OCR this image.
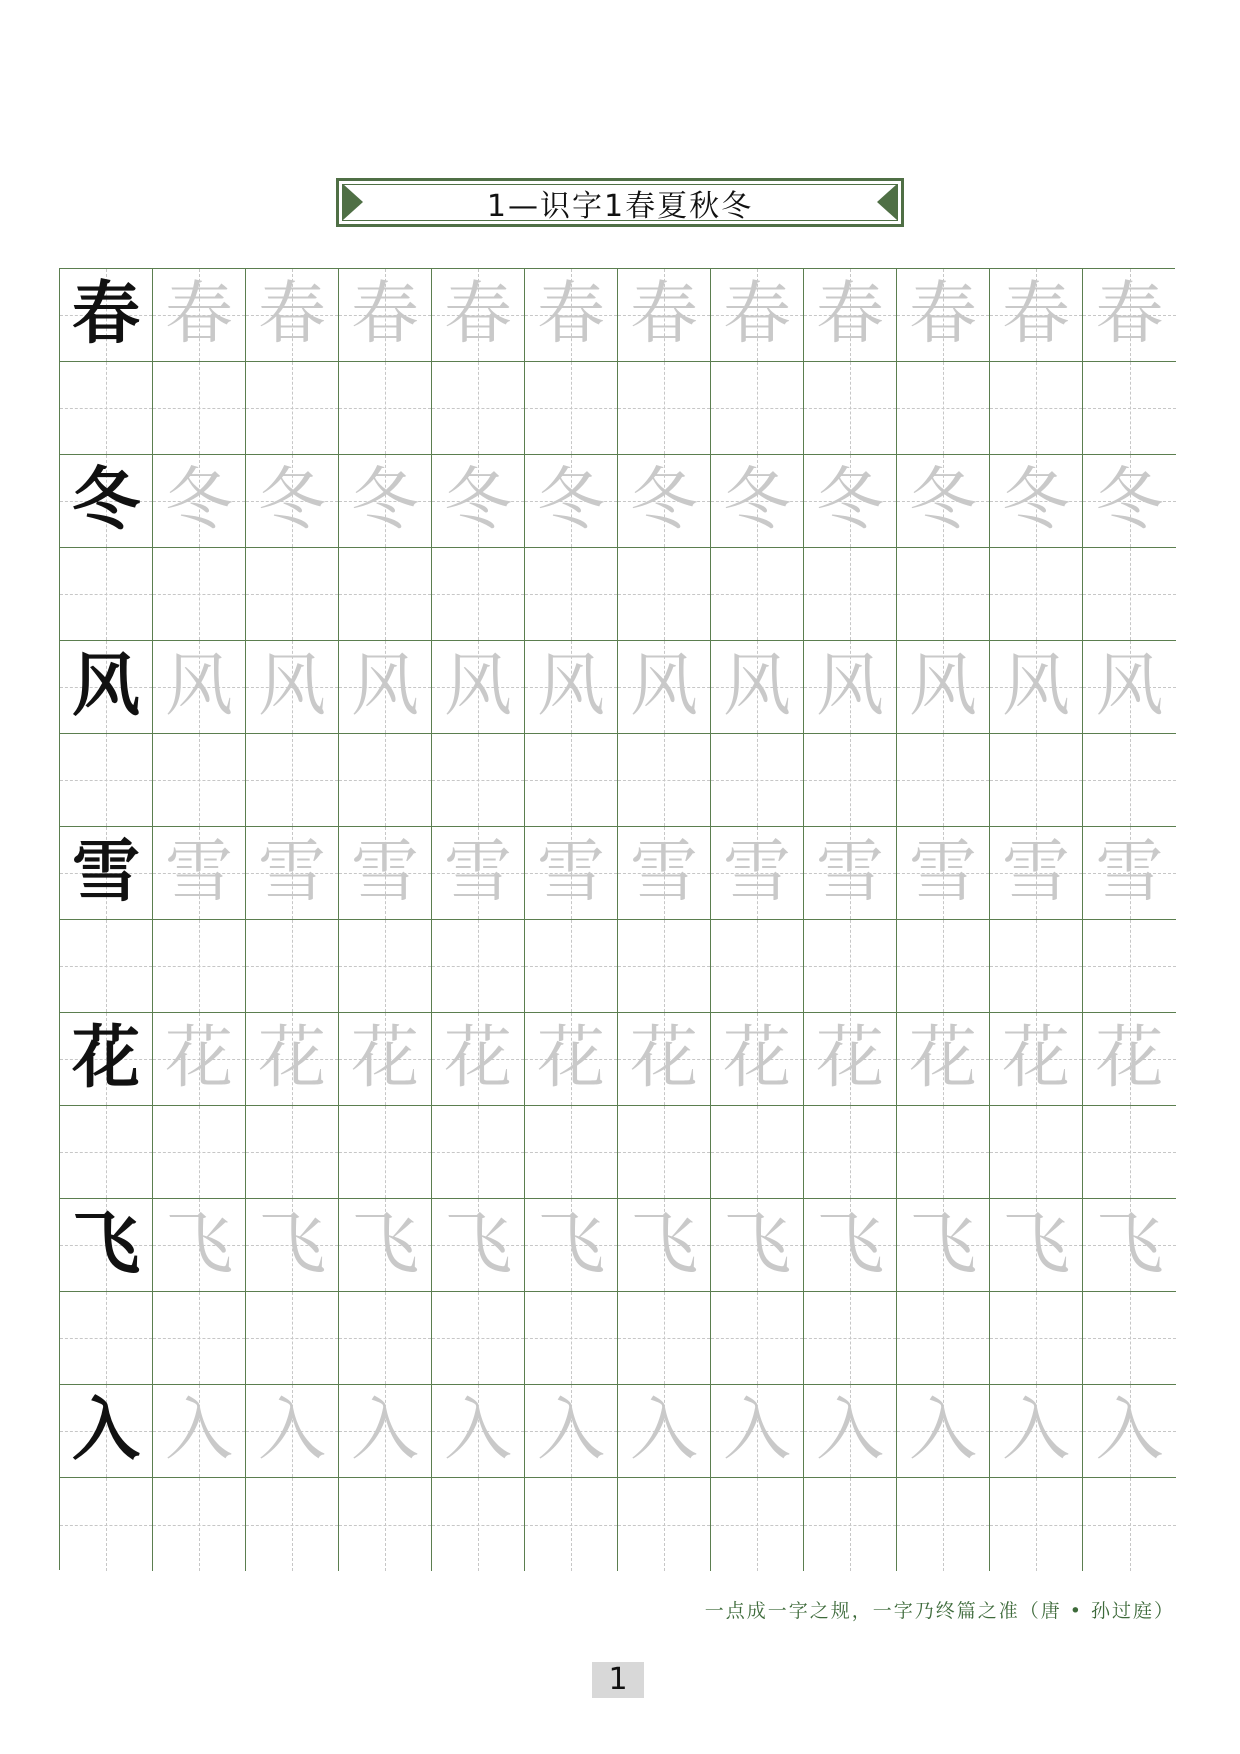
1—识字1春夏秋冬
春 春 春 春 春 春 春 春 春 春 春 春
冬 冬 冬 冬 冬 冬 冬 冬 冬 冬 冬 冬
风 风 风 风 风 风 风 风 风 风 风 风
雪 雪 雪 雪 雪 雪 雪 雪 雪 雪 雪 雪
花 花 花 花 花 花 花 花 花 花 花 花
飞 飞 飞 飞 飞 飞 飞 飞 飞 飞 飞 飞
入 入 入 入 入 入 入 入 入 入 入 入
一点成一字之规，一字乃终篇之准（唐 • 孙过庭）
1
